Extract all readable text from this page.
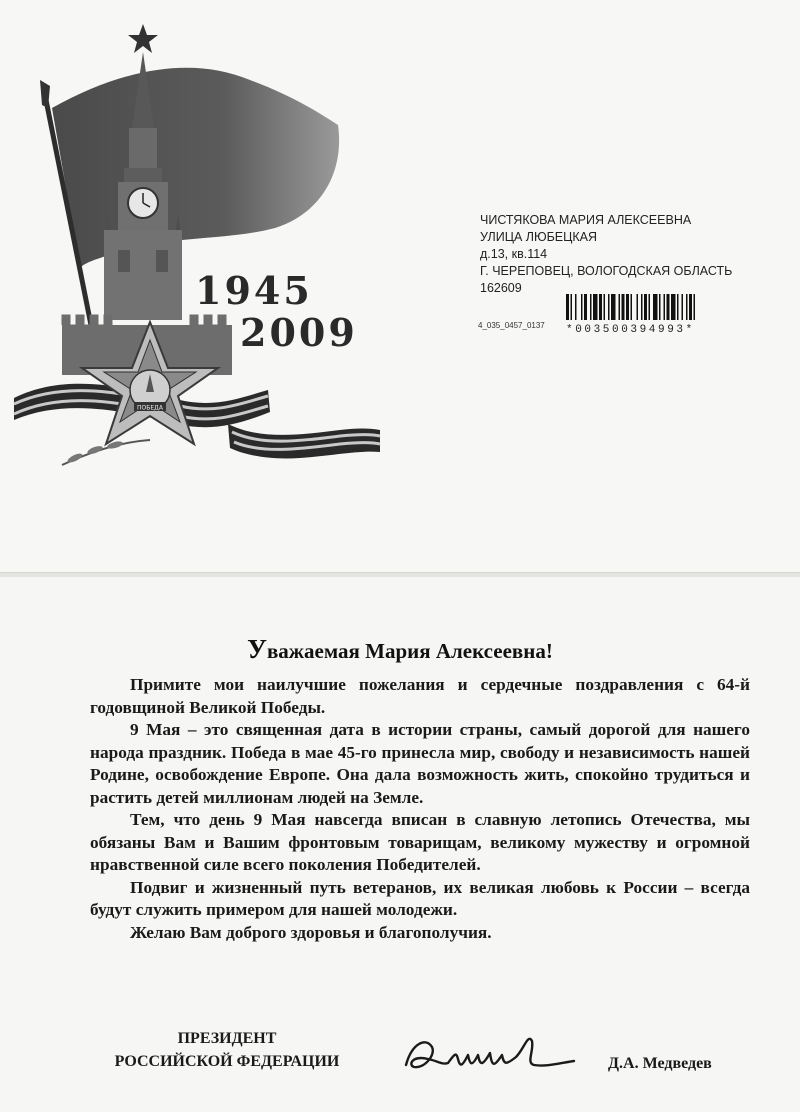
ПОБЕДА
1945
2009
ЧИСТЯКОВА МАРИЯ АЛЕКСЕЕВНА
УЛИЦА ЛЮБЕЦКАЯ
д.13, кв.114
Г. ЧЕРЕПОВЕЦ, ВОЛОГОДСКАЯ ОБЛАСТЬ
162609
4_035_0457_0137 *003500394993*
Уважаемая Мария Алексеевна!

Примите мои наилучшие пожелания и сердечные поздравления с 64-й годовщиной Великой Победы.

9 Мая – это священная дата в истории страны, самый дорогой для нашего народа праздник. Победа в мае 45-го принесла мир, свободу и независимость нашей Родине, освобождение Европе. Она дала возможность жить, спокойно трудиться и растить детей миллионам людей на Земле.

Тем, что день 9 Мая навсегда вписан в славную летопись Отечества, мы обязаны Вам и Вашим фронтовым товарищам, великому мужеству и огромной нравственной силе всего поколения Победителей.

Подвиг и жизненный путь ветеранов, их великая любовь к России – всегда будут служить примером для нашей молодежи.

Желаю Вам доброго здоровья и благополучия.

ПРЕЗИДЕНТ
РОССИЙСКОЙ ФЕДЕРАЦИИ	Д.А. Медведев
